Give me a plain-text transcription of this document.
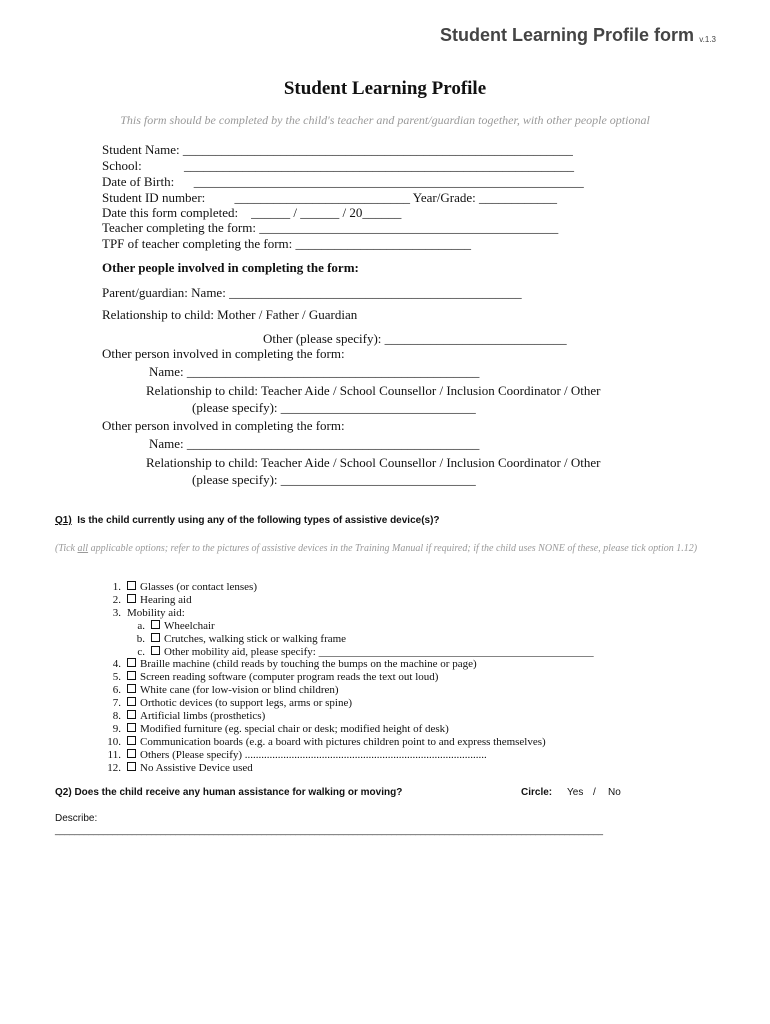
Student Learning Profile form v.1.3
Student Learning Profile
This form should be completed by the child's teacher and parent/guardian together, with other people optional
Student Name: ____________________________________________________________
School:             ____________________________________________________________
Date of Birth:      ____________________________________________________________
Student ID number:         ___________________________ Year/Grade: ____________
Date this form completed:    ______ / ______ / 20______
Teacher completing the form: ______________________________________________
TPF of teacher completing the form: ___________________________
Other people involved in completing the form:
Parent/guardian: Name: _____________________________________________
Relationship to child: Mother / Father / Guardian
Other (please specify): ____________________________
Other person involved in completing the form:
Name: _____________________________________________
Relationship to child: Teacher Aide / School Counsellor / Inclusion Coordinator / Other
(please specify): ______________________________
Other person involved in completing the form:
Name: _____________________________________________
Relationship to child: Teacher Aide / School Counsellor / Inclusion Coordinator / Other
(please specify): ______________________________
Q1) Is the child currently using any of the following types of assistive device(s)?
(Tick all applicable options; refer to the pictures of assistive devices in the Training Manual if required; if the child uses NONE of these, please tick option 1.12)
1. Glasses (or contact lenses)
2. Hearing aid
3. Mobility aid:
a. Wheelchair
b. Crutches, walking stick or walking frame
c. Other mobility aid, please specify: __________________________________________________
4. Braille machine (child reads by touching the bumps on the machine or page)
5. Screen reading software (computer program reads the text out loud)
6. White cane (for low-vision or blind children)
7. Orthotic devices (to support legs, arms or spine)
8. Artificial limbs (prosthetics)
9. Modified furniture (eg. special chair or desk; modified height of desk)
10. Communication boards (e.g. a board with pictures children point to and express themselves)
11. Others (Please specify) ........................................................................................
12. No Assistive Device used
Q2) Does the child receive any human assistance for walking or moving?	Circle: Yes / No
Describe:
__________________________________________________________________________________________________________________
